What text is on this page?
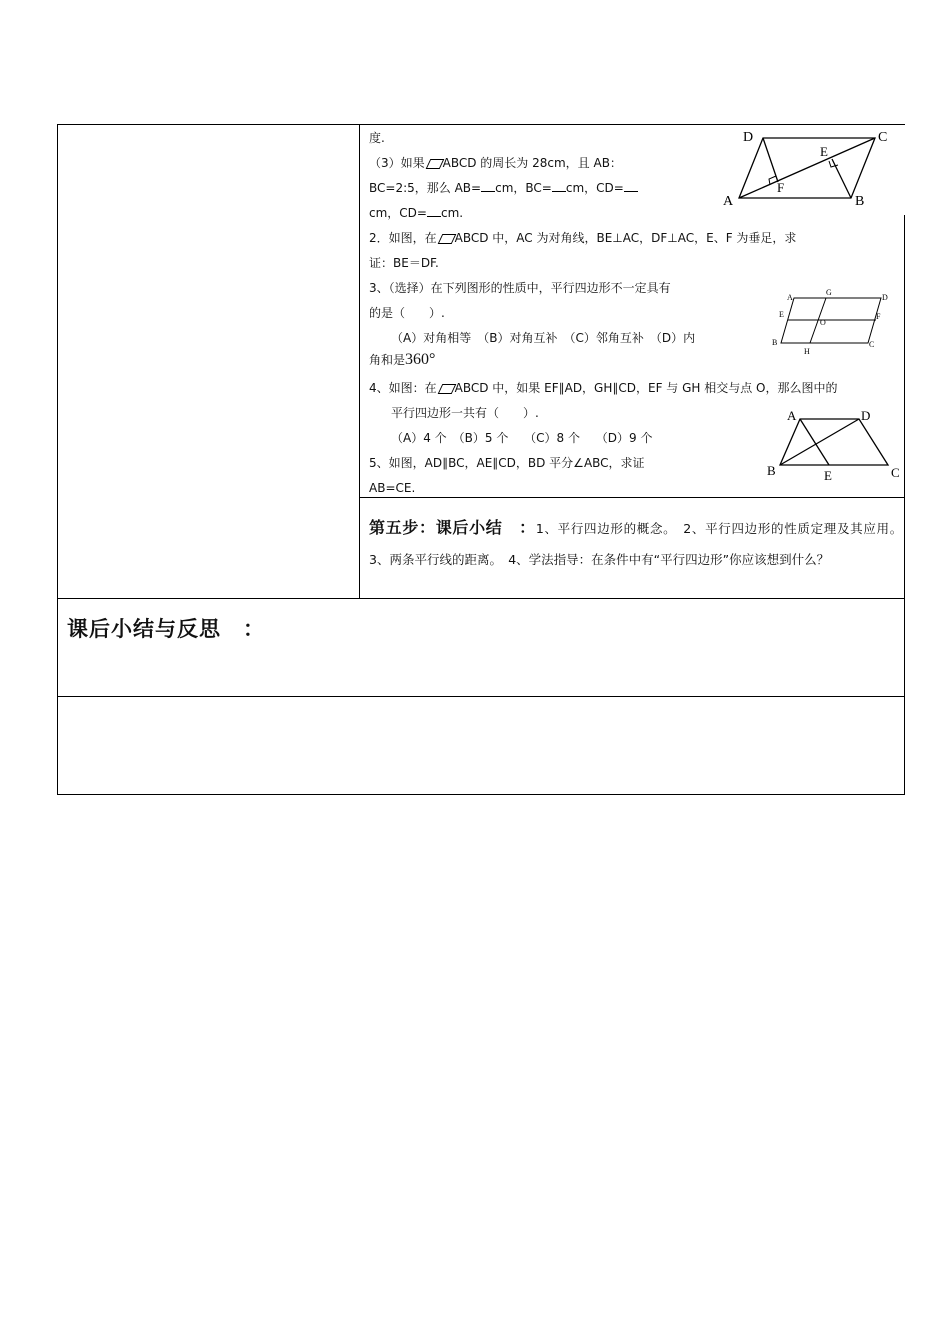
度.
（3）如果 ABCD 的周长为 28cm，且 AB：
BC=2:5，那么 AB= cm，BC= cm，CD=
cm，CD= cm.
2．如图，在 ABCD 中，AC 为对角线，BE⊥AC，DF⊥AC，E、F 为垂足，求
证：BE＝DF.
3、（选择）在下列图形的性质中，平行四边形不一定具有
的是（　　）.
（A）对角相等　（B）对角互补　（C）邻角互补　（D）内
角和是360°
4、如图：在 ABCD 中，如果 EF∥AD，GH∥CD，EF 与 GH 相交与点 O，那么图中的
平行四边形一共有（　　）.
（A）4 个　（B）5 个　 （C）8 个　 （D）9 个
5、如图，AD∥BC，AE∥CD，BD 平分∠ABC，求证
AB=CE.
D	C
E
F
A	B
A
G
D
E
O
F
B
H
C
A	D
B	E	C

第五步：课后小结　：1、平行四边形的概念。　2、平行四边形的性质定理及其应用。　3、两条平行线的距离。　4、学法指导：在条件中有“平行四边形”你应该想到什么？

课后小结与反思　：
